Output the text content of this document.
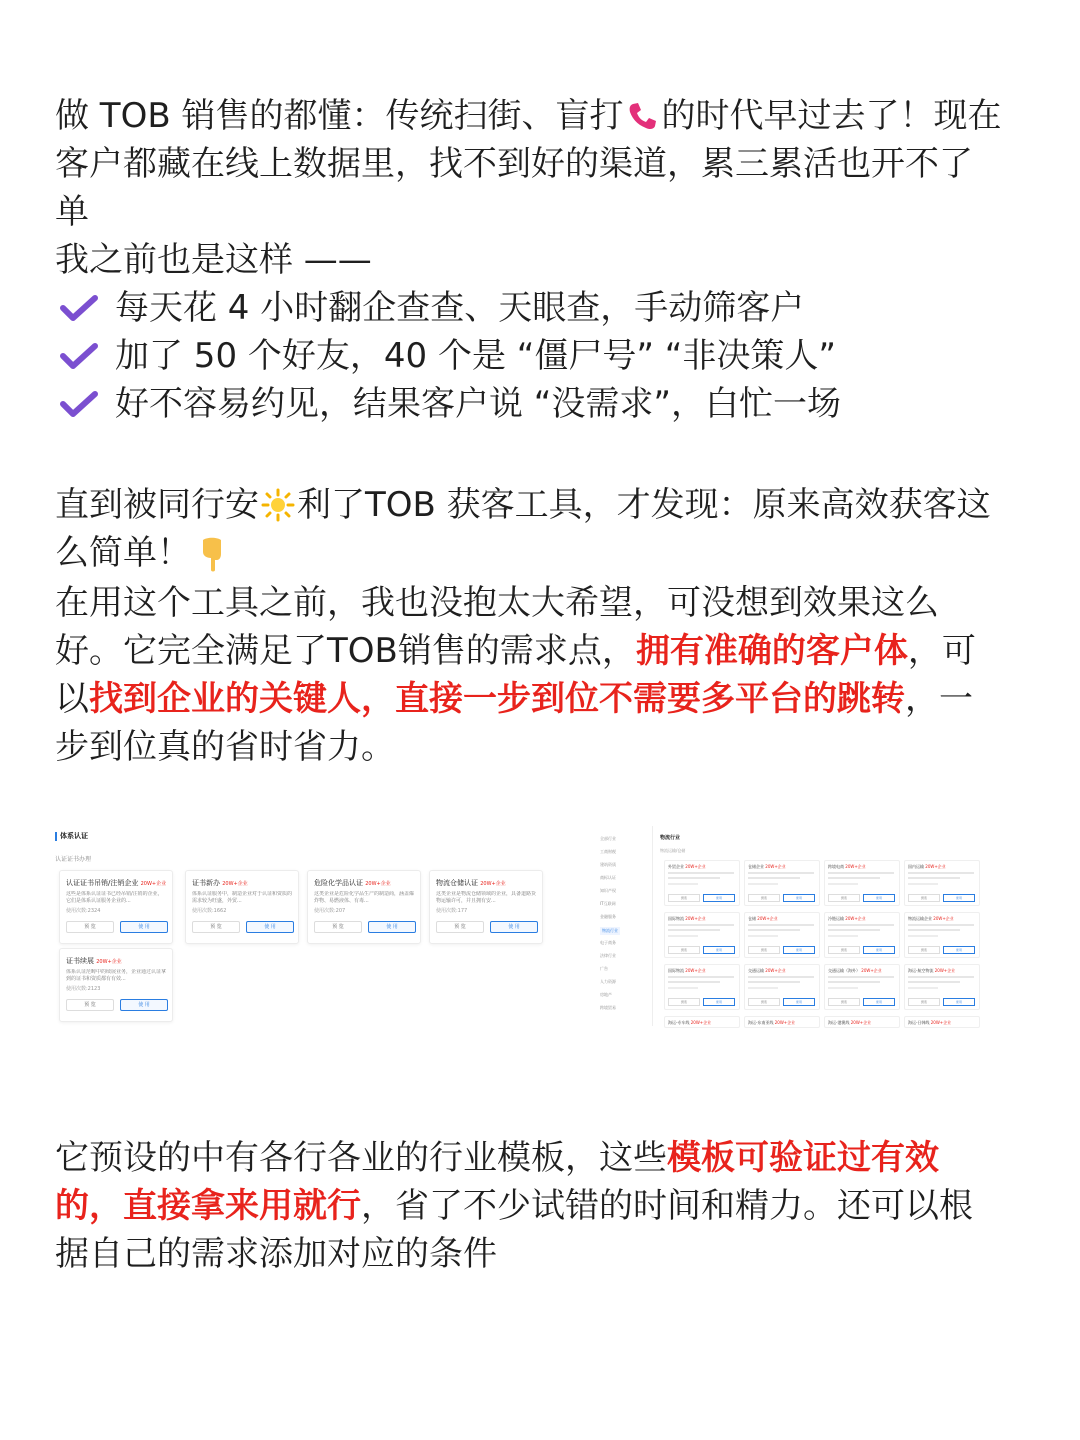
做 TOB 销售的都懂：传统扫街、盲打 的时代早过去了！现在
客户都藏在线上数据里，找不到好的渠道，累三累活也开不了
单
我之前也是这样 ——
每天花 4 小时翻企查查、天眼查，手动筛客户
加了 50 个好友，40 个是 “僵尸号” “非决策人”
好不容易约见，结果客户说 “没需求”，白忙一场
直到被同行安 利了TOB 获客工具，才发现：原来高效获客这
么简单！
在用这个工具之前，我也没抱太大希望，可没想到效果这么
好。它完全满足了TOB销售的需求点，拥有准确的客户体，可
以找到企业的关键人，直接一步到位不需要多平台的跳转，一
步到位真的省时省力。
体系认证
认证证书办理
认证证书吊销/注销企业 20W+企业
这些是体系认证证书已经吊销/注销的企业，它们是体系认证服务企业的...
使用次数:2324
预 览	使 用
证书新办 20W+企业
体系认证服务中，制造企业对于认证和资质的需求较为旺盛，外贸...
使用次数:1662
预 览	使 用
危险化学品认证 20W+企业
这类企业是危险化学品生产的制造商，涵盖爆炸物、易燃液体、有毒...
使用次数:207
预 览	使 用
物流仓储认证 20W+企业
这类企业是物流仓储领域的企业，具备道路货物运输许可，并且拥有安...
使用次数:177
预 览	使 用
证书续展 20W+企业
体系认证范畴中的续展业务，企业通过认证拿到的证书和资质都有有效...
使用次数:2123
预 览	使 用
全部行业
工商财税
建筑资质
商标认证
知识产权
IT互联网
金融服务
物流行业
电子商务
法律行业
广告
人力资源
房地产
跨境贸易
物流行业
物流运输/仓储
外贸企业 20W+企业
预览	使用
仓储企业 20W+企业
预览	使用
跨境电商 20W+企业
预览	使用
国内运输 20W+企业
预览	使用
国际物流 20W+企业
预览	使用
仓储 20W+企业
预览	使用
冷链运输 20W+企业
预览	使用
物流运输企业 20W+企业
预览	使用
国际物流 20W+企业
预览	使用
交通运输 20W+企业
预览	使用
交通运输（海外） 20W+企业
预览	使用
海运-航空物流 20W+企业
预览	使用
海运-专车线 20W+企业	海运-东南亚线 20W+企业	海运-港澳线 20W+企业	海运-日韩线 20W+企业
它预设的中有各行各业的行业模板，这些模板可验证过有效
的，直接拿来用就行，省了不少试错的时间和精力。还可以根
据自己的需求添加对应的条件
